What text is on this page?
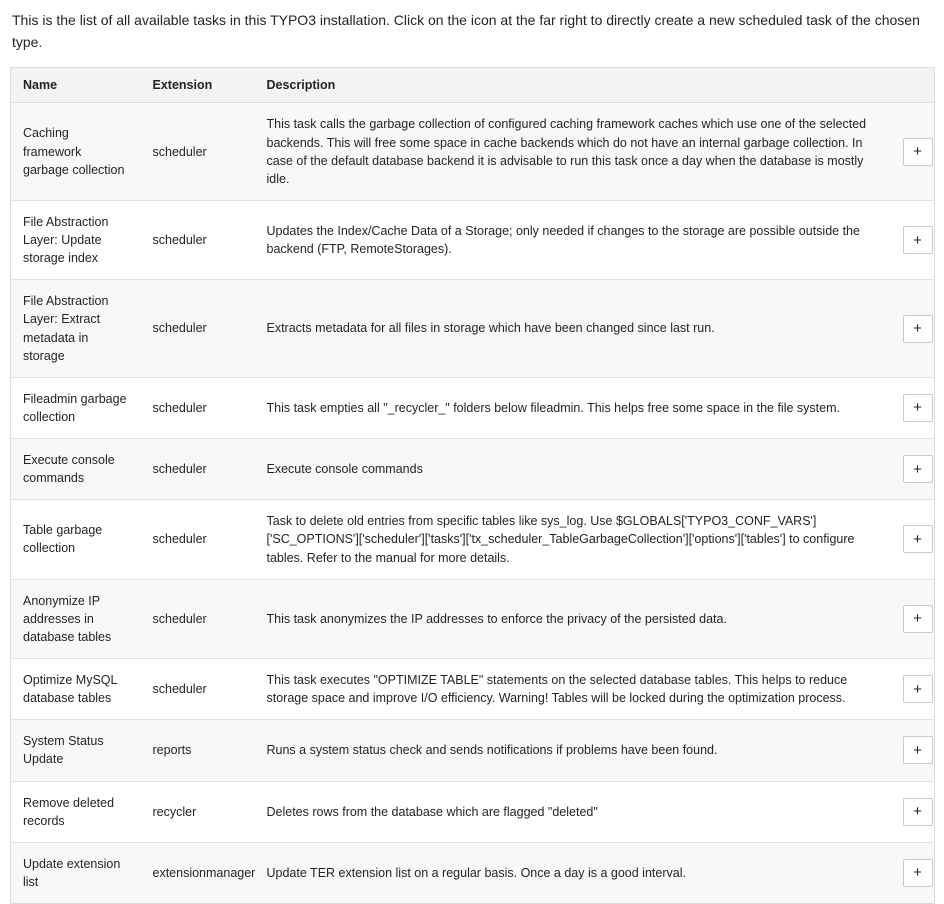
This is the list of all available tasks in this TYPO3 installation. Click on the icon at the far right to directly create a new scheduled task of the chosen type.

Name	Extension	Description	
Caching framework garbage collection	scheduler	This task calls the garbage collection of configured caching framework caches which use one of the selected backends. This will free some space in cache backends which do not have an internal garbage collection. In case of the default database backend it is advisable to run this task once a day when the database is mostly idle.	+
File Abstraction Layer: Update storage index	scheduler	Updates the Index/Cache Data of a Storage; only needed if changes to the storage are possible outside the backend (FTP, RemoteStorages).	+
File Abstraction Layer: Extract metadata in storage	scheduler	Extracts metadata for all files in storage which have been changed since last run.	+
Fileadmin garbage collection	scheduler	This task empties all "_recycler_" folders below fileadmin. This helps free some space in the file system.	+
Execute console commands	scheduler	Execute console commands	+
Table garbage collection	scheduler	Task to delete old entries from specific tables like sys_log. Use $GLOBALS['TYPO3_CONF_VARS']['SC_OPTIONS']['scheduler']['tasks']['tx_scheduler_TableGarbageCollection']['options']['tables'] to configure tables. Refer to the manual for more details.	+
Anonymize IP addresses in database tables	scheduler	This task anonymizes the IP addresses to enforce the privacy of the persisted data.	+
Optimize MySQL database tables	scheduler	This task executes "OPTIMIZE TABLE" statements on the selected database tables. This helps to reduce storage space and improve I/O efficiency. Warning! Tables will be locked during the optimization process.	+
System Status Update	reports	Runs a system status check and sends notifications if problems have been found.	+
Remove deleted records	recycler	Deletes rows from the database which are flagged "deleted"	+
Update extension list	extensionmanager	Update TER extension list on a regular basis. Once a day is a good interval.	+
